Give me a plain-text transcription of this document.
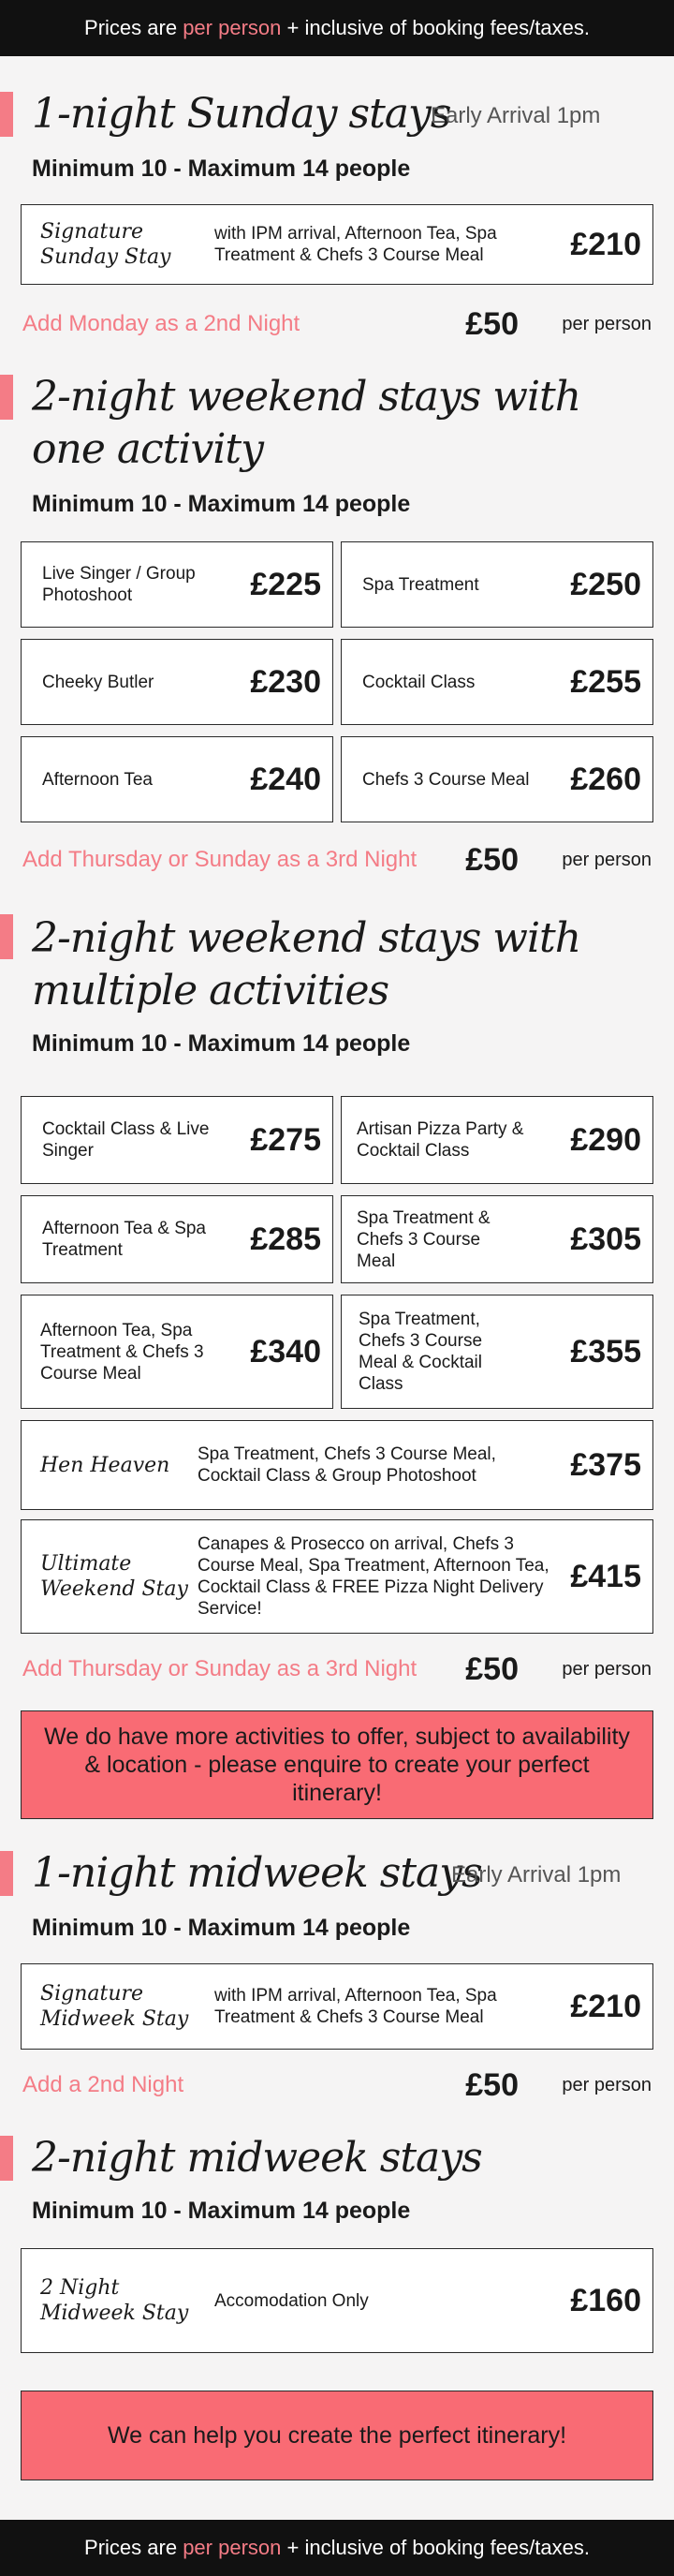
Prices are
per person
+ inclusive of booking fees/taxes.
1-night Sunday stays
Early Arrival 1pm
Minimum 10 - Maximum 14 people
Signature Sunday Stay
with IPM arrival, Afternoon Tea, Spa Treatment & Chefs 3 Course Meal	£210
Add Monday as a 2nd Night	£50 per person
2-night weekend stays with one activity
Minimum 10 - Maximum 14 people
Live Singer / Group Photoshoot	£225 Spa Treatment	£250
Cheeky Butler	£230 Cocktail Class	£255
Afternoon Tea	£240 Chefs 3 Course Meal £260
Add Thursday or Sunday as a 3rd Night £50 per person
2-night weekend stays with multiple activities
Minimum 10 - Maximum 14 people
Cocktail Class & Live Singer	£275 Artisan Pizza Party & Cocktail Class	£290
Afternoon Tea & Spa Treatment	£285
Spa Treatment & Chefs 3 Course Meal
£305
Afternoon Tea, Spa Treatment & Chefs 3 Course Meal
£340
Spa Treatment, Chefs 3 Course Meal & Cocktail Class
£355
Hen Heaven	Spa Treatment, Chefs 3 Course Meal, Cocktail Class & Group Photoshoot	£375
Ultimate Weekend Stay
Canapes & Prosecco on arrival, Chefs 3 Course Meal, Spa Treatment, Afternoon Tea, Cocktail Class & FREE Pizza Night Delivery Service!
£415
Add Thursday or Sunday as a 3rd Night £50 per person
We do have more activities to offer, subject to availability & location - please enquire to create your perfect itinerary!
1-night midweek stays
Early Arrival 1pm
Minimum 10 - Maximum 14 people
Signature Midweek Stay
with IPM arrival, Afternoon Tea, Spa Treatment & Chefs 3 Course Meal	£210
Add a 2nd Night	£50 per person
2-night midweek stays
Minimum 10 - Maximum 14 people
2 Night Midweek Stay
Accomodation Only	£160
We can help you create the perfect itinerary!
Prices are
per person
+ inclusive of booking fees/taxes.
